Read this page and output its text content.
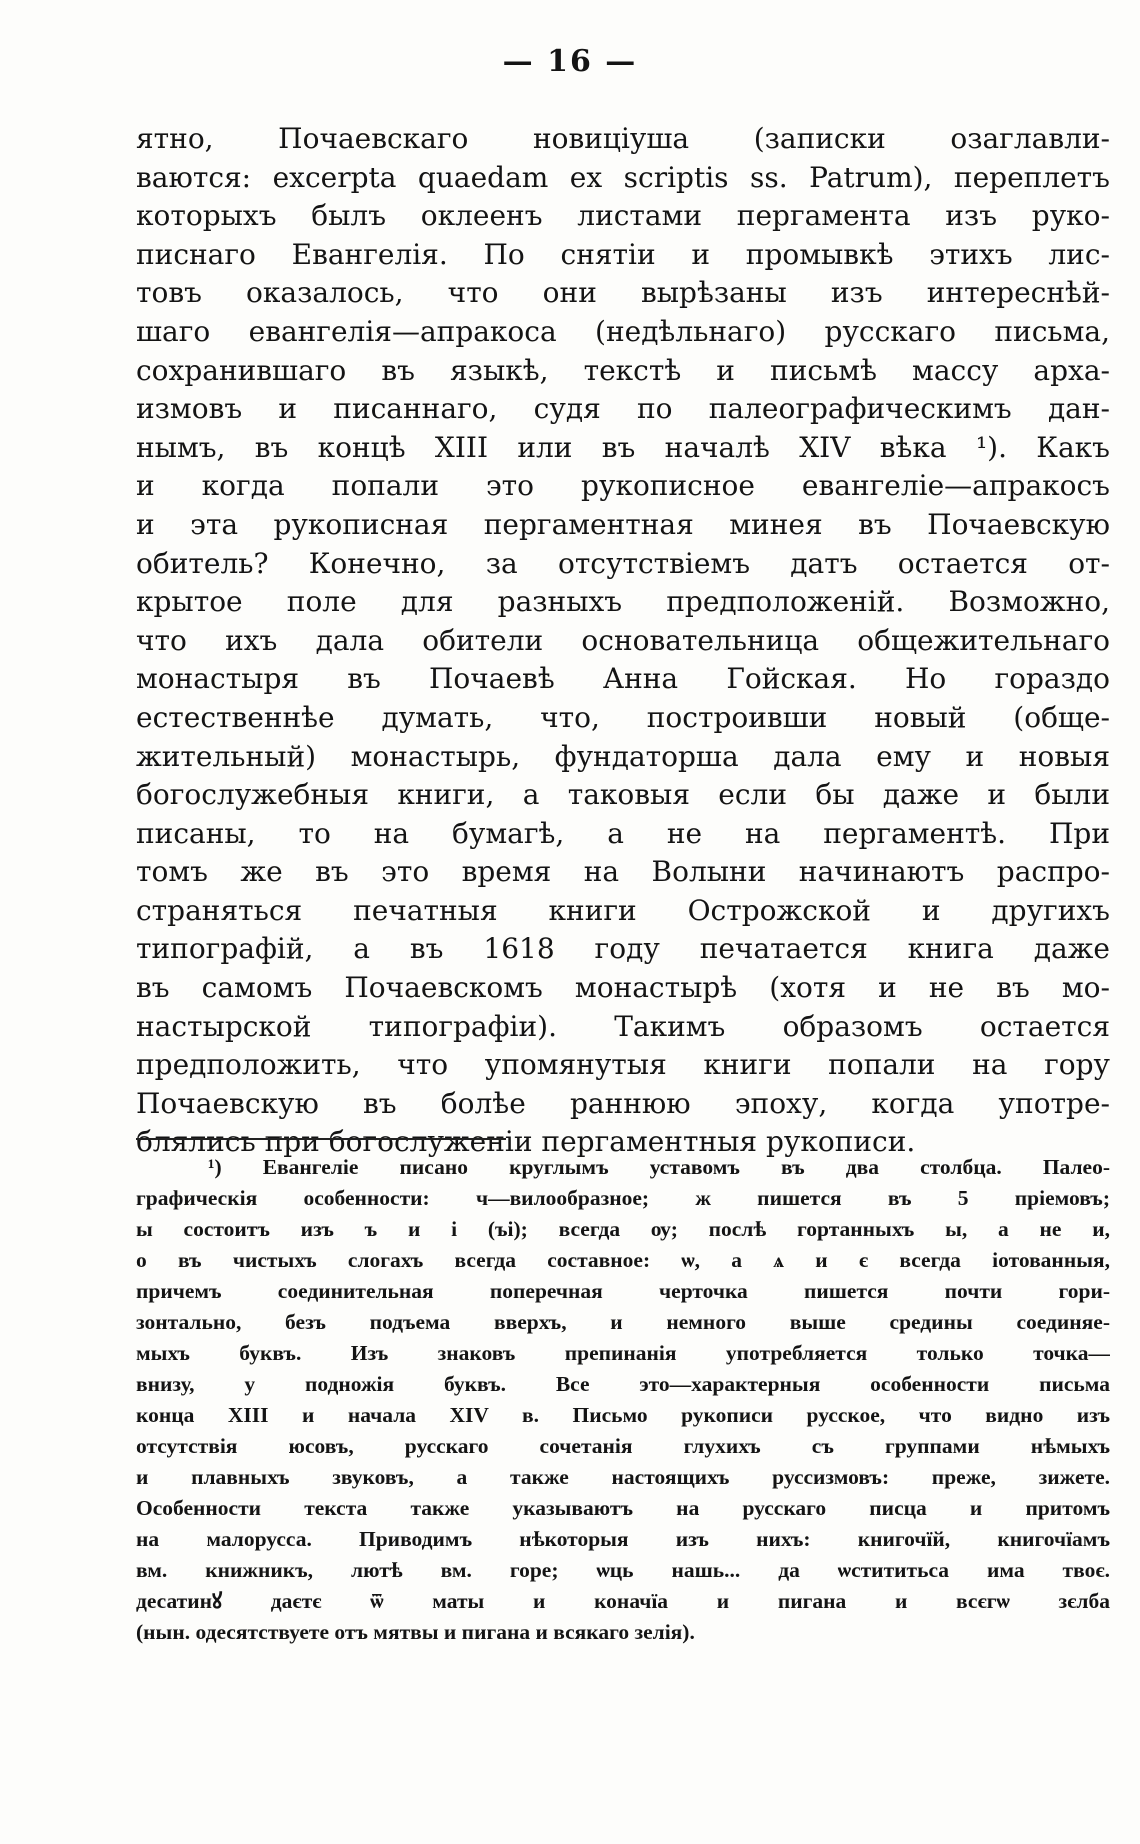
— 16 —
ятно, Почаевскаго новиціуша (записки озаглавли-
ваются: excerpta quaedam ex scriptis ss. Patrum), переплетъ
которыхъ былъ оклеенъ листами пергамента изъ руко-
писнаго Евангелія. По снятіи и промывкѣ этихъ лис-
товъ оказалось, что они вырѣзаны изъ интереснѣй-
шаго евангелія—апракоса (недѣльнаго) русскаго письма,
сохранившаго въ языкѣ, текстѣ и письмѣ массу арха-
измовъ и писаннаго, судя по палеографическимъ дан-
нымъ, въ концѣ XIII или въ началѣ XIV вѣка ¹). Какъ
и когда попали это рукописное евангеліе—апракосъ
и эта рукописная пергаментная минея въ Почаевскую
обитель? Конечно, за отсутствіемъ датъ остается от-
крытое поле для разныхъ предположеній. Возможно,
что ихъ дала обители основательница общежительнаго
монастыря въ Почаевѣ Анна Гойская. Но гораздо
естественнѣе думать, что, построивши новый (обще-
жительный) монастырь, фундаторша дала ему и новыя
богослужебныя книги, а таковыя если бы даже и были
писаны, то на бумагѣ, а не на пергаментѣ. При
томъ же въ это время на Волыни начинаютъ распро-
страняться печатныя книги Острожской и другихъ
типографій, а въ 1618 году печатается книга даже
въ самомъ Почаевскомъ монастырѣ (хотя и не въ мо-
настырской типографіи). Такимъ образомъ остается
предположить, что упомянутыя книги попали на гору
Почаевскую въ болѣе раннюю эпоху, когда употре-
блялись при богослуженіи пергаментныя рукописи.
¹) Евангеліе писано круглымъ уставомъ въ два столбца. Палео-
графическія особенности: ч—вилообразное; ж пишется въ 5 пріемовъ;
ы состоитъ изъ ъ и і (ъі); всегда ѹ; послѣ гортанныхъ ы, а не и,
о въ чистыхъ слогахъ всегда составное: ѡ, а ѧ и є всегда іотованныя,
причемъ соединительная поперечная черточка пишется почти гори-
зонтально, безъ подъема вверхъ, и немного выше средины соединяе-
мыхъ буквъ. Изъ знаковъ препинанія употребляется только точка—
внизу, у подножія буквъ. Все это—характерныя особенности письма
конца XIII и начала XIV в. Письмо рукописи русское, что видно изъ
отсутствія юсовъ, русскаго сочетанія глухихъ съ группами нѣмыхъ
и плавныхъ звуковъ, а также настоящихъ руссизмовъ: преже, зижете.
Особенности текста также указываютъ на русскаго писца и притомъ
на малорусса. Приводимъ нѣкоторыя изъ нихъ: книгочїй, книгочїамъ
вм. книжникъ, лютѣ вм. горе; ѡць нашь... да ѡстититьса има твоє.
десатинꙋ даєтє ѿ маты и коначїа и пигана и всєгѡ зєлба
(нын. одесятствуете отъ мятвы и пигана и всякаго зелія).
